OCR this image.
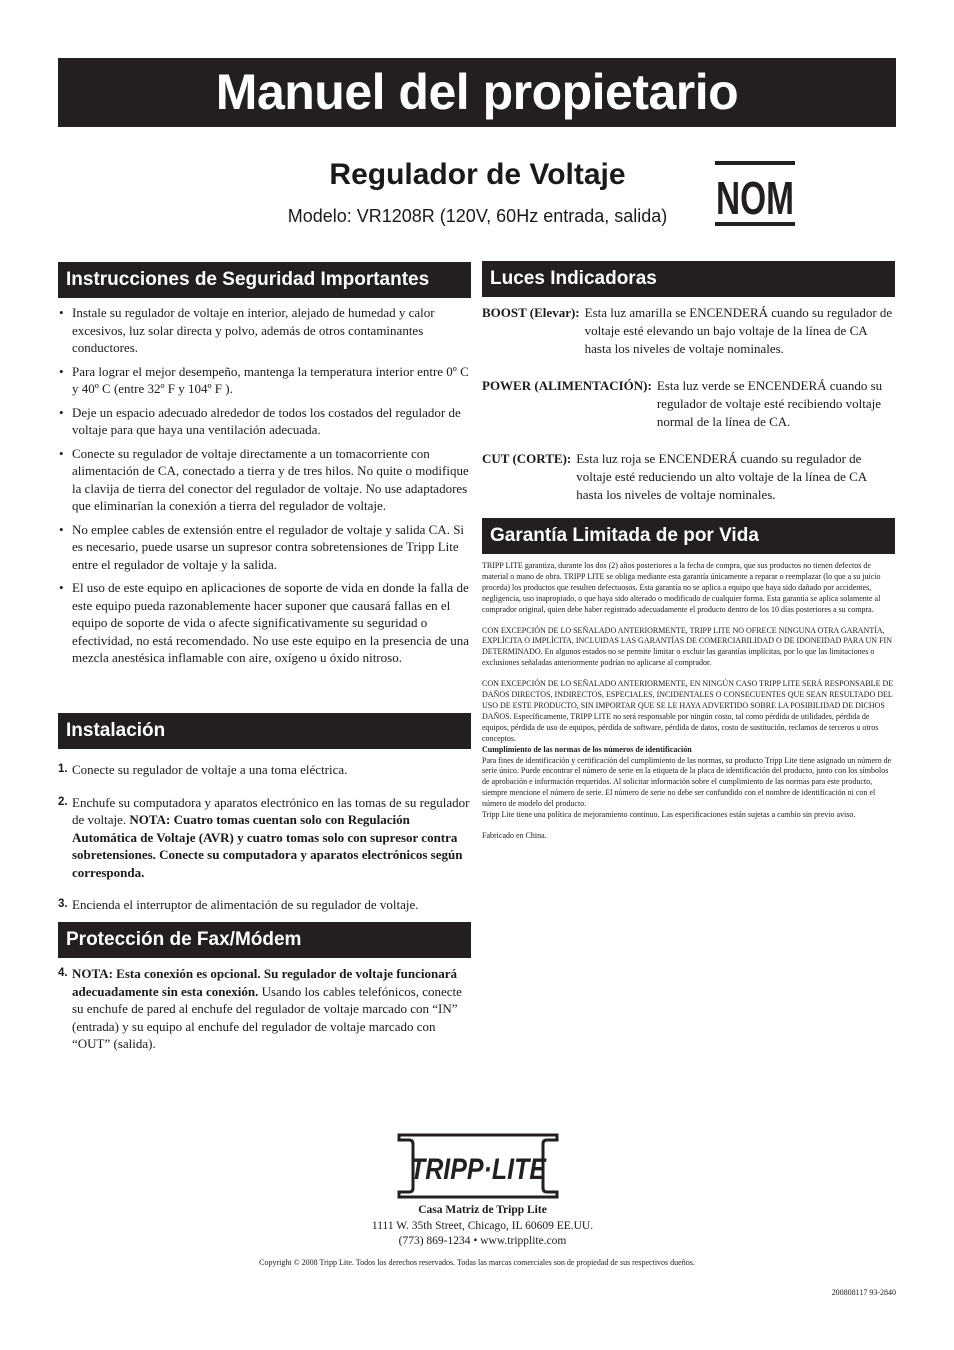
Manuel del propietario
Regulador de Voltaje
Modelo: VR1208R (120V, 60Hz entrada, salida)	NOM
Instrucciones de Seguridad Importantes
• Instale su regulador de voltaje en interior, alejado de humedad y calor excesivos, luz solar directa y polvo, además de otros contaminantes conductores.
• Para lograr el mejor desempeño, mantenga la temperatura interior entre 0º C y 40º C (entre 32º F y 104º F ).
• Deje un espacio adecuado alrededor de todos los costados del regulador de voltaje para que haya una ventilación adecuada.
• Conecte su regulador de voltaje directamente a un tomacorriente con alimentación de CA, conectado a tierra y de tres hilos. No quite o modifique la clavija de tierra del conector del regulador de voltaje. No use adaptadores que eliminarían la conexión a tierra del regulador de voltaje.
• No emplee cables de extensión entre el regulador de voltaje y salida CA. Si es necesario, puede usarse un supresor contra sobretensiones de Tripp Lite entre el regulador de voltaje y la salida.
• El uso de este equipo en aplicaciones de soporte de vida en donde la falla de este equipo pueda razonablemente hacer suponer que causará fallas en el equipo de soporte de vida o afecte significativamente su seguridad o efectividad, no está recomendado. No use este equipo en la presencia de una mezcla anestésica inflamable con aire, oxígeno u óxido nitroso.
Instalación
1. Conecte su regulador de voltaje a una toma eléctrica.
2. Enchufe su computadora y aparatos electrónico en las tomas de su regulador de voltaje. NOTA: Cuatro tomas cuentan solo con Regulación Automática de Voltaje (AVR) y cuatro tomas solo con supresor contra sobretensiones. Conecte su computadora y aparatos electrónicos según corresponda.
3. Encienda el interruptor de alimentación de su regulador de voltaje.
Protección de Fax/Módem
4. NOTA: Esta conexión es opcional. Su regulador de voltaje funcionará adecuadamente sin esta conexión. Usando los cables telefónicos, conecte su enchufe de pared al enchufe del regulador de voltaje marcado con “IN” (entrada) y su equipo al enchufe del regulador de voltaje marcado con “OUT” (salida).
Luces Indicadoras
BOOST (Elevar): Esta luz amarilla se ENCENDERÁ cuando su regulador de voltaje esté elevando un bajo voltaje de la línea de CA hasta los niveles de voltaje nominales.
POWER (ALIMENTACIÓN): Esta luz verde se ENCENDERÁ cuando su regulador de voltaje esté recibiendo voltaje normal de la línea de CA.
CUT (CORTE): Esta luz roja se ENCENDERÁ cuando su regulador de voltaje esté reduciendo un alto voltaje de la línea de CA hasta los niveles de voltaje nominales.
Garantía Limitada de por Vida

TRIPP LITE garantiza, durante los dos (2) años posteriores a la fecha de compra, que sus productos no tienen defectos de material o mano de obra. TRIPP LITE se obliga mediante esta garantía únicamente a reparar o reemplazar (lo que a su juicio proceda) los productos que resulten defectuosos. Esta garantía no se aplica a equipo que haya sido dañado por accidentes, negligencia, uso inapropiado, o que haya sido alterado o modificado de cualquier forma. Esta garantía se aplica solamente al comprador original, quien debe haber registrado adecuadamente el producto dentro de los 10 días posteriores a su compra.

CON EXCEPCIÓN DE LO SEÑALADO ANTERIORMENTE, TRIPP LITE NO OFRECE NINGUNA OTRA GARANTÍA, EXPLÍCITA O IMPLÍCITA, INCLUIDAS LAS GARANTÍAS DE COMERCIABILIDAD O DE IDONEIDAD PARA UN FIN DETERMINADO. En algunos estados no se permite limitar o excluir las garantías implícitas, por lo que las limitaciones o exclusiones señaladas anteriormente podrían no aplicarse al comprador.

CON EXCEPCIÓN DE LO SEÑALADO ANTERIORMENTE, EN NINGÚN CASO TRIPP LITE SERÁ RESPONSABLE DE DAÑOS DIRECTOS, INDIRECTOS, ESPECIALES, INCIDENTALES O CONSECUENTES QUE SEAN RESULTADO DEL USO DE ESTE PRODUCTO, SIN IMPORTAR QUE SE LE HAYA ADVERTIDO SOBRE LA POSIBILIDAD DE DICHOS DAÑOS. Específicamente, TRIPP LITE no será responsable por ningún costo, tal como pérdida de utilidades, pérdida de equipos, pérdida de uso de equipos, pérdida de software, pérdida de datos, costo de sustitución, reclamos de terceros u otros conceptos.

Cumplimiento de las normas de los números de identificación

Para fines de identificación y certificación del cumplimiento de las normas, su producto Tripp Lite tiene asignado un número de serie único. Puede encontrar el número de serie en la etiqueta de la placa de identificación del producto, junto con los símbolos de aprobación e información requeridos. Al solicitar información sobre el cumplimiento de las normas para este producto, siempre mencione el número de serie. El número de serie no debe ser confundido con el nombre de identificación ni con el número de modelo del producto.

Tripp Lite tiene una política de mejoramiento continuo. Las especificaciones están sujetas a cambio sin previo aviso.

Fabricado en China.

TRIPP·LITE
Casa Matriz de Tripp Lite
1111 W. 35th Street, Chicago, IL 60609 EE.UU.
(773) 869-1234 • www.tripplite.com
Copyright © 2008 Tripp Lite. Todos los derechos reservados. Todas las marcas comerciales son de propiedad de sus respectivos dueños.
200808117 93-2840
